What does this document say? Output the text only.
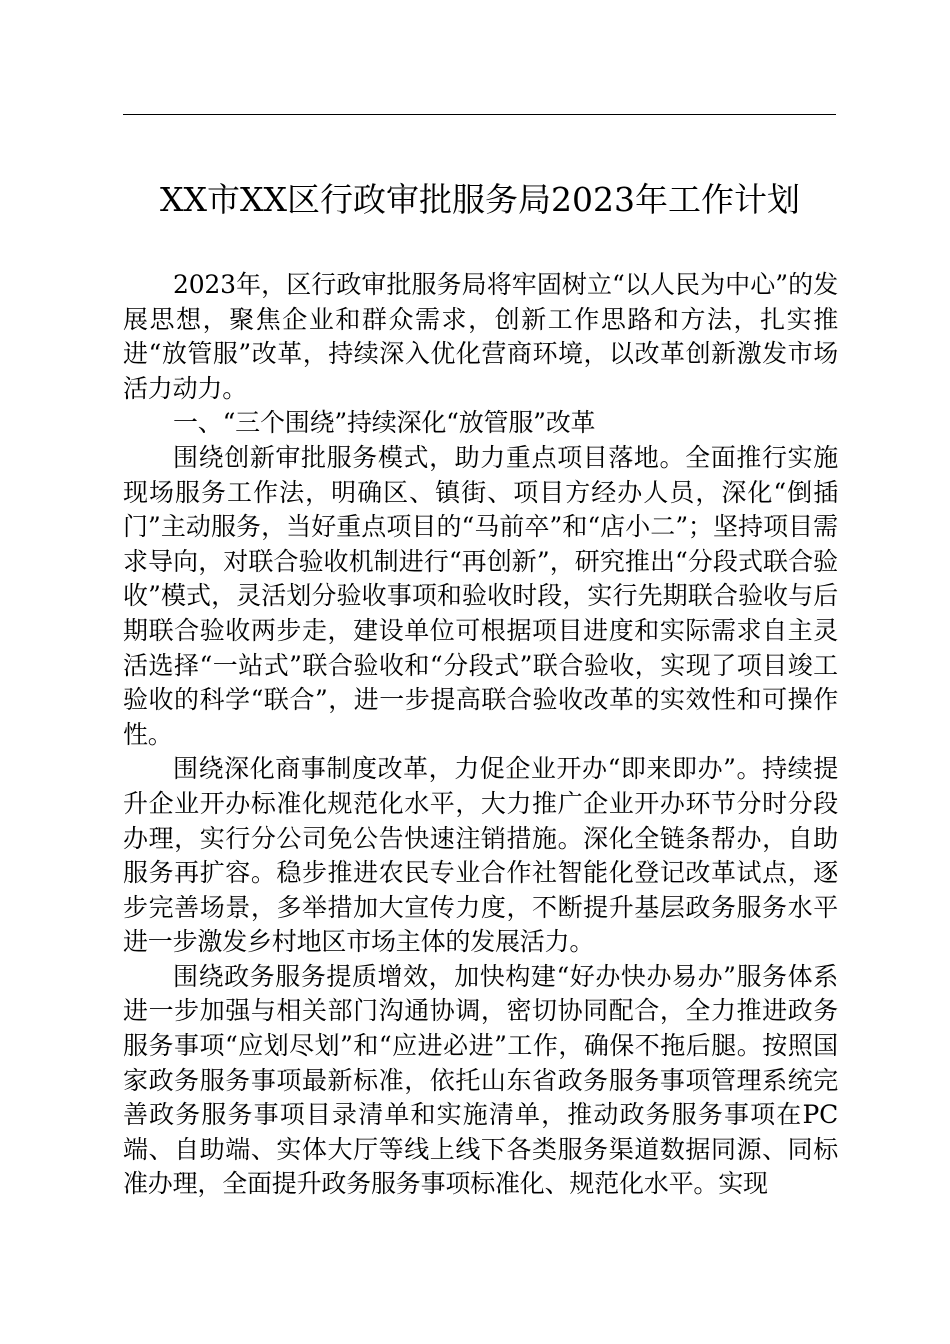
XX市XX区行政审批服务局2023年工作计划

2023年，区行政审批服务局将牢固树立“以人民为中心”的发展思想，聚焦企业和群众需求，创新工作思路和方法，扎实推进“放管服”改革，持续深入优化营商环境，以改革创新激发市场活力动力。

一、“三个围绕”持续深化“放管服”改革

围绕创新审批服务模式，助力重点项目落地。全面推行实施现场服务工作法，明确区、镇街、项目方经办人员，深化“倒插门”主动服务，当好重点项目的“马前卒”和“店小二”；坚持项目需求导向，对联合验收机制进行“再创新”，研究推出“分段式联合验收”模式，灵活划分验收事项和验收时段，实行先期联合验收与后期联合验收两步走，建设单位可根据项目进度和实际需求自主灵活选择“一站式”联合验收和“分段式”联合验收，实现了项目竣工验收的科学“联合”，进一步提高联合验收改革的实效性和可操作性。

围绕深化商事制度改革，力促企业开办“即来即办”。持续提升企业开办标准化规范化水平，大力推广企业开办环节分时分段办理，实行分公司免公告快速注销措施。深化全链条帮办，自助服务再扩容。稳步推进农民专业合作社智能化登记改革试点，逐步完善场景，多举措加大宣传力度，不断提升基层政务服务水平进一步激发乡村地区市场主体的发展活力。

围绕政务服务提质增效，加快构建“好办快办易办”服务体系进一步加强与相关部门沟通协调，密切协同配合，全力推进政务服务事项“应划尽划”和“应进必进”工作，确保不拖后腿。按照国家政务服务事项最新标准，依托山东省政务服务事项管理系统完善政务服务事项目录清单和实施清单，推动政务服务事项在PC端、自助端、实体大厅等线上线下各类服务渠道数据同源、同标准办理，全面提升政务服务事项标准化、规范化水平。实现
